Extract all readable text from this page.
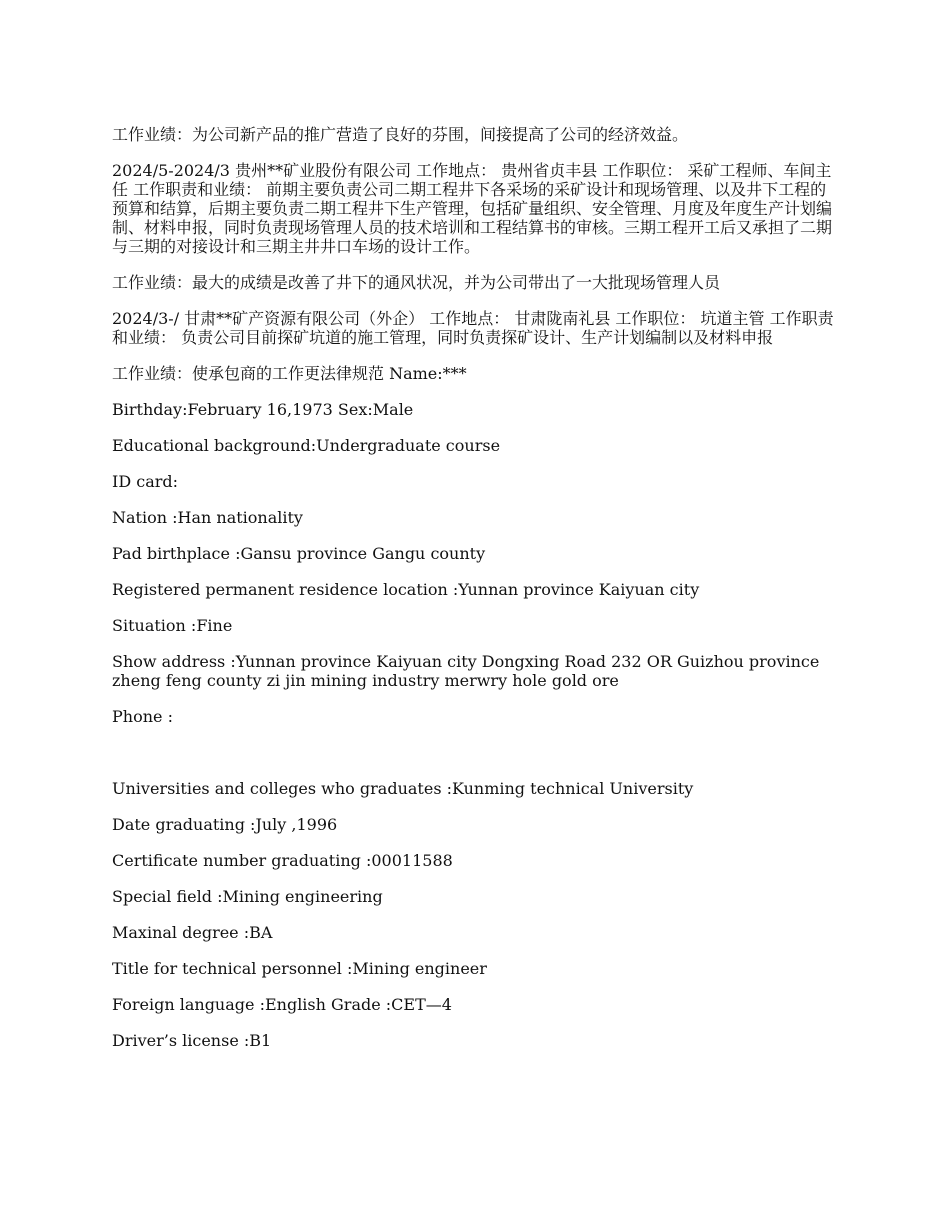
工作业绩：为公司新产品的推广营造了良好的芬围，间接提高了公司的经济效益。

2024/5-2024/3 贵州**矿业股份有限公司 工作地点： 贵州省贞丰县 工作职位： 采矿工程师、车间主任 工作职责和业绩： 前期主要负责公司二期工程井下各采场的采矿设计和现场管理、以及井下工程的预算和结算，后期主要负责二期工程井下生产管理，包括矿量组织、安全管理、月度及年度生产计划编制、材料申报，同时负责现场管理人员的技术培训和工程结算书的审核。三期工程开工后又承担了二期与三期的对接设计和三期主井井口车场的设计工作。

工作业绩：最大的成绩是改善了井下的通风状况，并为公司带出了一大批现场管理人员

2024/3-/ 甘肃**矿产资源有限公司（外企） 工作地点： 甘肃陇南礼县 工作职位： 坑道主管 工作职责和业绩： 负责公司目前探矿坑道的施工管理，同时负责探矿设计、生产计划编制以及材料申报

工作业绩：使承包商的工作更法律规范 Name:***

Birthday:February 16,1973 Sex:Male

Educational background:Undergraduate course

ID card:

Nation :Han nationality

Pad birthplace :Gansu province Gangu county

Registered permanent residence location :Yunnan province Kaiyuan city

Situation :Fine

Show address :Yunnan province Kaiyuan city Dongxing Road 232 OR Guizhou province zheng feng county zi jin mining industry merwry hole gold ore

Phone :

Universities and colleges who graduates :Kunming technical University

Date graduating :July ,1996

Certificate number graduating :00011588

Special field :Mining engineering

Maxinal degree :BA

Title for technical personnel :Mining engineer

Foreign language :English Grade :CET—4

Driver’s license :B1
